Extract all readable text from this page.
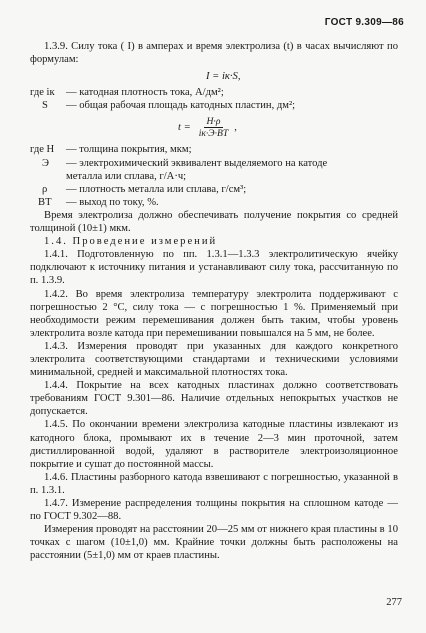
ГОСТ 9.309—86

1.3.9. Силу тока ( I) в амперах и время электролиза (t) в часах вычисляют по формулам:

I = iк·S,
где iк	— катодная плотность тока, А/дм²;
S	— общая рабочая площадь катодных пластин, дм²;
$t = \frac{H\cdot\rho}{iк\cdot Э\cdot BT}$ ,
где H	— толщина покрытия, мкм;
Э	— электрохимический эквивалент выделяемого на катоде
металла или сплава, г/А·ч;
ρ	— плотность металла или сплава, г/см³;
BT	— выход по току, %.

Время электролиза должно обеспечивать получение покрытия со средней толщиной (10±1) мкм.

1.4. Проведение измерений

1.4.1. Подготовленную по пп. 1.3.1—1.3.3 электролитическую ячейку подключают к источнику питания и устанавливают силу тока, рассчитанную по п. 1.3.9.

1.4.2. Во время электролиза температуру электролита поддерживают с погрешностью 2 °С, силу тока — с погрешностью 1 %. Применяемый при необходимости режим перемешивания должен быть таким, чтобы уровень электролита возле катода при перемешивании повышался на 5 мм, не более.

1.4.3. Измерения проводят при указанных для каждого конкретного электролита соответствующими стандартами и техническими условиями минимальной, средней и максимальной плотностях тока.

1.4.4. Покрытие на всех катодных пластинах должно соответствовать требованиям ГОСТ 9.301—86. Наличие отдельных непокрытых участков не допускается.

1.4.5. По окончании времени электролиза катодные пластины извлекают из катодного блока, промывают их в течение 2—3 мин проточной, затем дистиллированной водой, удаляют в растворителе электроизоляционное покрытие и сушат до постоянной массы.

1.4.6. Пластины разборного катода взвешивают с погрешностью, указанной в п. 1.3.1.

1.4.7. Измерение распределения толщины покрытия на сплошном катоде — по ГОСТ 9.302—88.

Измерения проводят на расстоянии 20—25 мм от нижнего края пластины в 10 точках с шагом (10±1,0) мм. Крайние точки должны быть расположены на расстоянии (5±1,0) мм от краев пластины.

277
